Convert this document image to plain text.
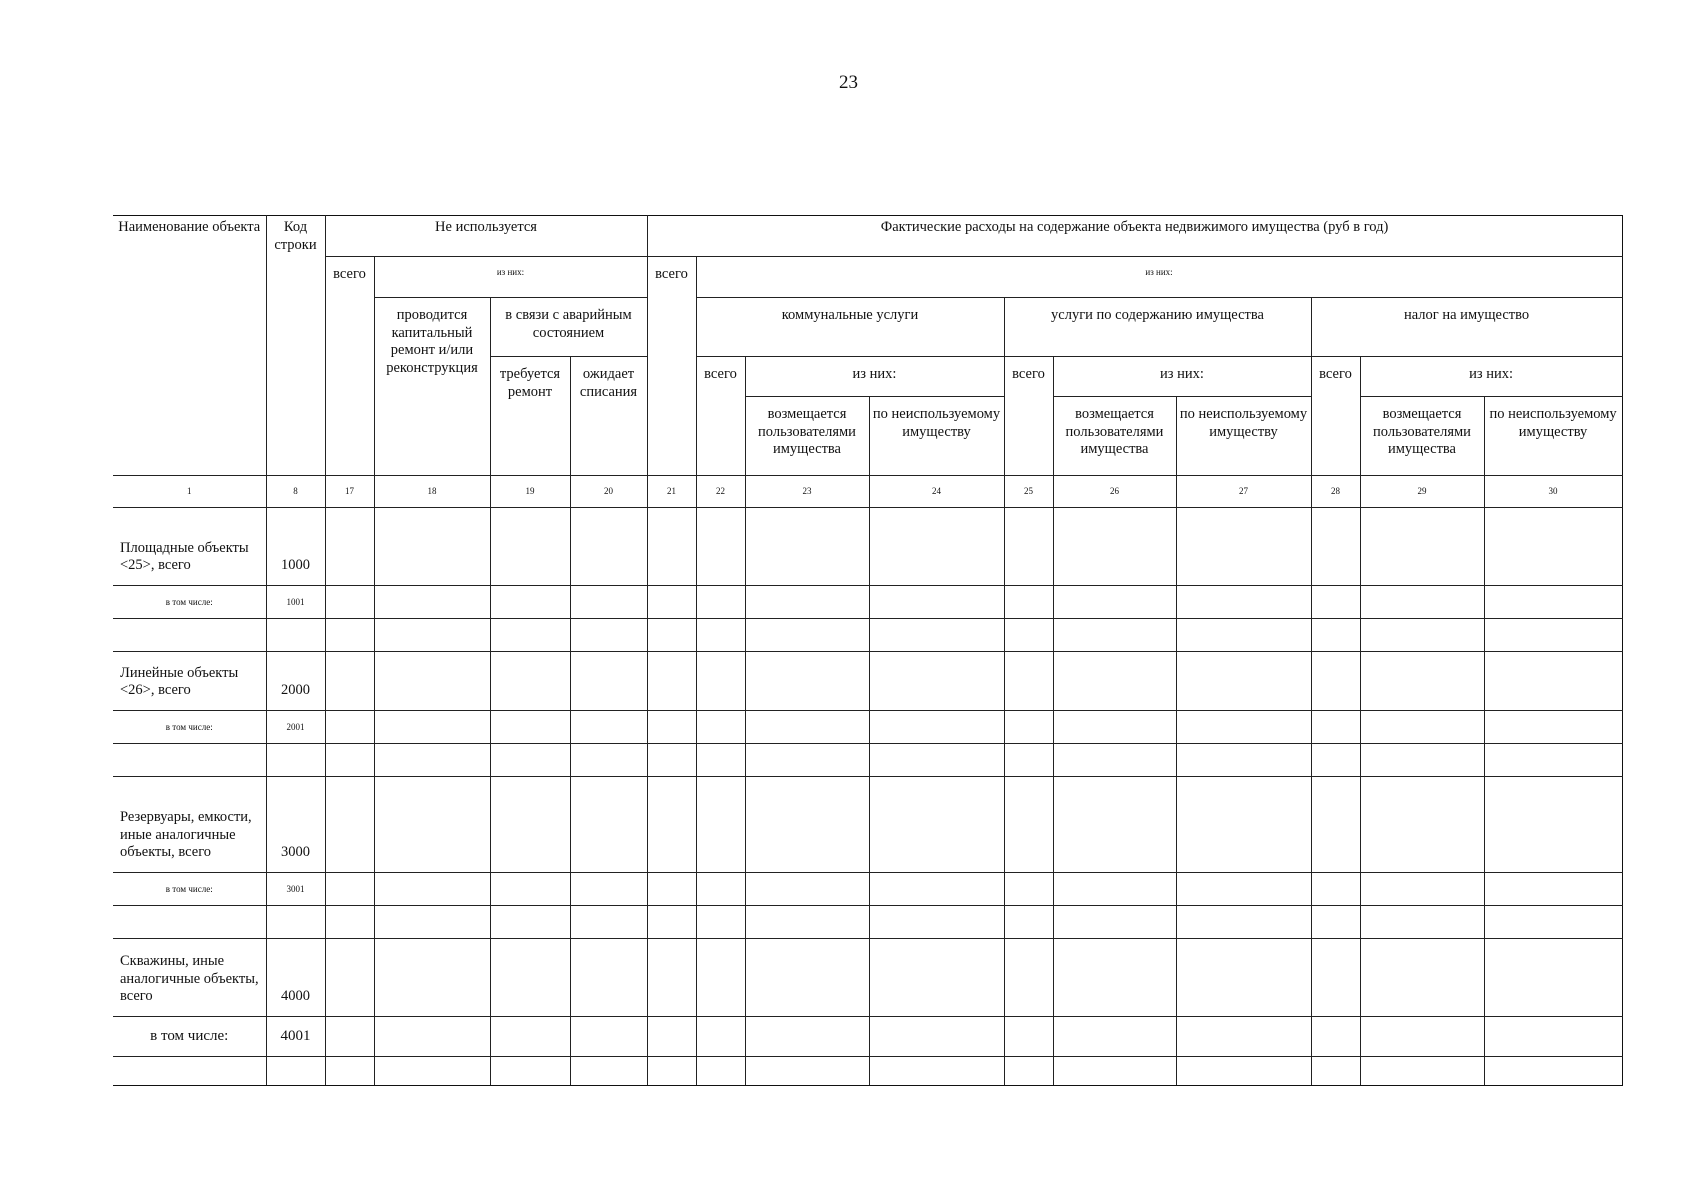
23
Наименование объекта	Код строки	Не используется				Фактические расходы на содержание объекта недвижимого имущества (руб в год)									
		всего	из них:			всего	из них:								
			проводится капитальный ремонт и/или реконструкция	в связи с аварийным состоянием			коммунальные услуги			услуги по содержанию имущества			налог на имущество		
				требуется ремонт	ожидает списания		всего	из них:		всего	из них:		всего	из них:	
								возмещается пользователями имущества	по неиспользуемому имуществу		возмещается пользователями имущества	по неиспользуемому имуществу		возмещается пользователями имущества	по неиспользуемому имуществу
1	8	17	18	19	20	21	22	23	24	25	26	27	28	29	30
Площадные объекты <25>, всего	1000														
в том числе:	1001														

Линейные объекты <26>, всего	2000														
в том числе:	2001														

Резервуары, емкости, иные аналогичные объекты, всего	3000														
в том числе:	3001														

Скважины, иные аналогичные объекты, всего	4000														
в том числе:	4001														
